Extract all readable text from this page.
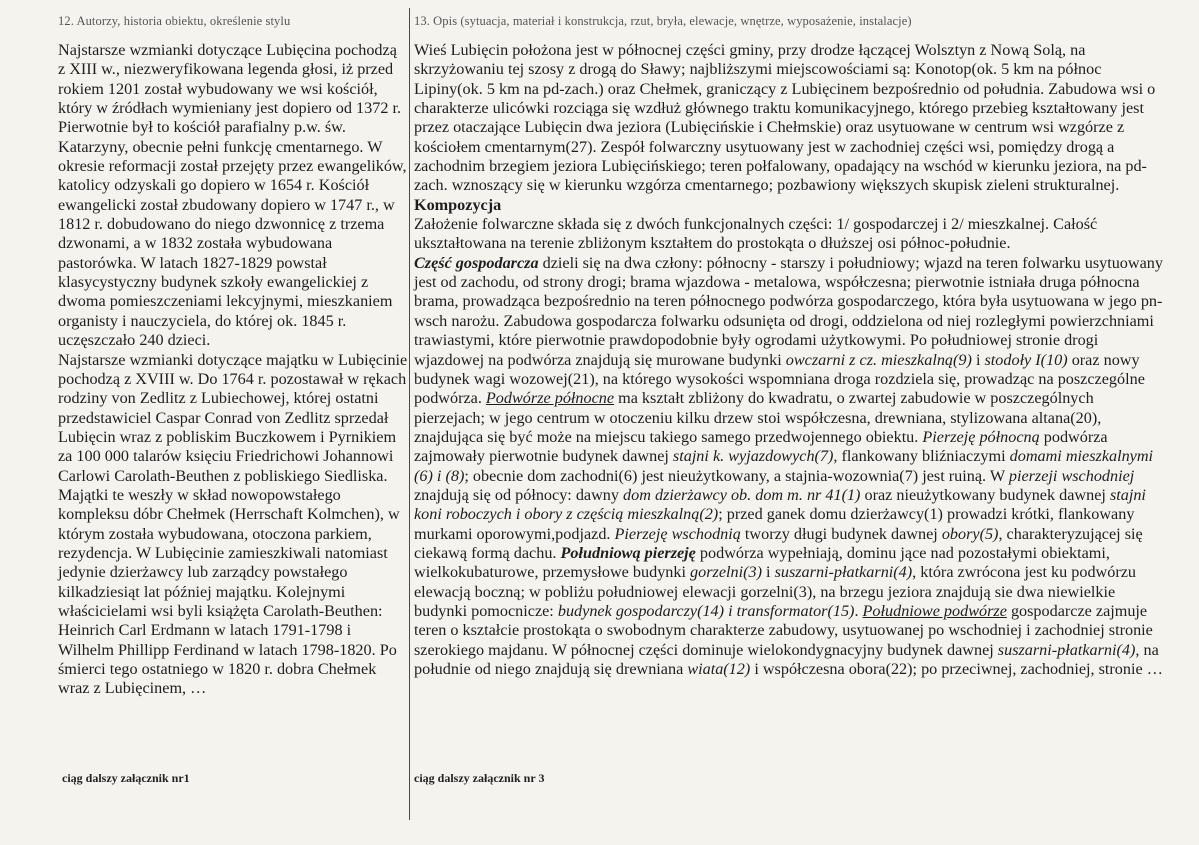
12. Autorzy, historia obiektu, określenie stylu	13. Opis (sytuacja, materiał i konstrukcja, rzut, bryła, elewacje, wnętrze, wyposażenie, instalacje)

Najstarsze wzmianki dotyczące Lubięcina pochodzą z XIII w., niezweryfikowana legenda głosi, iż przed rokiem 1201 został wybudowany we wsi kościół, który w źródłach wymieniany jest dopiero od 1372 r. Pierwotnie był to kościół parafialny p.w. św. Katarzyny, obecnie pełni funkcję cmentarnego. W okresie reformacji został przejęty przez ewangelików, katolicy odzyskali go dopiero w 1654 r. Kościół ewangelicki został zbudowany dopiero w 1747 r., w 1812 r. dobudowano do niego dzwonnicę z trzema dzwonami, a w 1832 została wybudowana pastorówka. W latach 1827-1829 powstał klasycystyczny budynek szkoły ewangelickiej z dwoma pomieszczeniami lekcyjnymi, mieszkaniem organisty i nauczyciela, do której ok. 1845 r. uczęszczało 240 dzieci.

Najstarsze wzmianki dotyczące majątku w Lubięcinie pochodzą z XVIII w. Do 1764 r. pozostawał w rękach rodziny von Zedlitz z Lubiechowej, której ostatni przedstawiciel Caspar Conrad von Zedlitz sprzedał Lubięcin wraz z pobliskim Buczkowem i Pyrnikiem za 100 000 talarów księciu Friedrichowi Johannowi Carlowi Carolath-Beuthen z pobliskiego Siedliska. Majątki te weszły w skład nowopowstałego kompleksu dóbr Chełmek (Herrschaft Kolmchen), w którym została wybudowana, otoczona parkiem, rezydencja. W Lubięcinie zamieszkiwali natomiast jedynie dzierżawcy lub zarządcy powstałego kilkadziesiąt lat później majątku. Kolejnymi właścicielami wsi byli książęta Carolath-Beuthen: Heinrich Carl Erdmann w latach 1791-1798 i Wilhelm Phillipp Ferdinand w latach 1798-1820. Po śmierci tego ostatniego w 1820 r. dobra Chełmek wraz z Lubięcinem, …

Wieś Lubięcin położona jest w północnej części gminy, przy drodze łączącej Wolsztyn z Nową Solą, na skrzyżowaniu tej szosy z drogą do Sławy; najbliższymi miejscowościami są: Konotop(ok. 5 km na północ Lipiny(ok. 5 km na pd-zach.) oraz Chełmek, graniczący z Lubięcinem bezpośrednio od południa. Zabudowa wsi o charakterze ulicówki rozciąga się wzdłuż głównego traktu komunikacyjnego, którego przebieg kształtowany jest przez otaczające Lubięcin dwa jeziora (Lubięcińskie i Chełmskie) oraz usytuowane w centrum wsi wzgórze z kościołem cmentarnym(27). Zespół folwarczny usytuowany jest w zachodniej części wsi, pomiędzy drogą a zachodnim brzegiem jeziora Lubięcińskiego; teren połfalowany, opadający na wschód w kierunku jeziora, na pd-zach. wznoszący się w kierunku wzgórza cmentarnego; pozbawiony większych skupisk zieleni strukturalnej.

Kompozycja

Założenie folwarczne składa się z dwóch funkcjonalnych części: 1/ gospodarczej i 2/ mieszkalnej. Całość ukształtowana na terenie zbliżonym kształtem do prostokąta o dłuższej osi północ-południe.

Część gospodarcza dzieli się na dwa człony: północny - starszy i południowy; wjazd na teren folwarku usytuowany jest od zachodu, od strony drogi; brama wjazdowa - metalowa, współczesna; pierwotnie istniała druga północna brama, prowadząca bezpośrednio na teren północnego podwórza gospodarczego, która była usytuowana w jego pn-wsch narożu. Zabudowa gospodarcza folwarku odsunięta od drogi, oddzielona od niej rozległymi powierzchniami trawiastymi, które pierwotnie prawdopodobnie były ogrodami użytkowymi. Po południowej stronie drogi wjazdowej na podwórza znajdują się murowane budynki owczarni z cz. mieszkalną(9) i stodoły I(10) oraz nowy budynek wagi wozowej(21), na którego wysokości wspomniana droga rozdziela się, prowadząc na poszczególne podwórza. Podwórze północne ma kształt zbliżony do kwadratu, o zwartej zabudowie w poszczególnych pierzejach; w jego centrum w otoczeniu kilku drzew stoi współczesna, drewniana, stylizowana altana(20), znajdująca się być może na miejscu takiego samego przedwojennego obiektu. Pierzeję północną podwórza zajmowały pierwotnie budynek dawnej stajni k. wyjazdowych(7), flankowany bliźniaczymi domami mieszkalnymi (6) i (8); obecnie dom zachodni(6) jest nieużytkowany, a stajnia-wozownia(7) jest ruiną. W pierzeji wschodniej znajdują się od północy: dawny dom dzierżawcy ob. dom m. nr 41(1) oraz nieużytkowany budynek dawnej stajni koni roboczych i obory z częścią mieszkalną(2); przed ganek domu dzierżawcy(1) prowadzi krótki, flankowany murkami oporowymi,podjazd. Pierzeję wschodnią tworzy długi budynek dawnej obory(5), charakteryzującej się ciekawą formą dachu. Południową pierzeję podwórza wypełniają, dominu jące nad pozostałymi obiektami, wielkokubaturowe, przemysłowe budynki gorzelni(3) i suszarni-płatkarni(4), która zwrócona jest ku podwórzu elewacją boczną; w pobliżu południowej elewacji gorzelni(3), na brzegu jeziora znajdują sie dwa niewielkie budynki pomocnicze: budynek gospodarczy(14) i transformator(15). Południowe podwórze gospodarcze zajmuje teren o kształcie prostokąta o swobodnym charakterze zabudowy, usytuowanej po wschodniej i zachodniej stronie szerokiego majdanu. W północnej części dominuje wielokondygnacyjny budynek dawnej suszarni-płatkarni(4), na południe od niego znajdują się drewniana wiata(12) i współczesna obora(22); po przeciwnej, zachodniej, stronie …

ciąg dalszy załącznik nr1	ciąg dalszy załącznik nr 3
